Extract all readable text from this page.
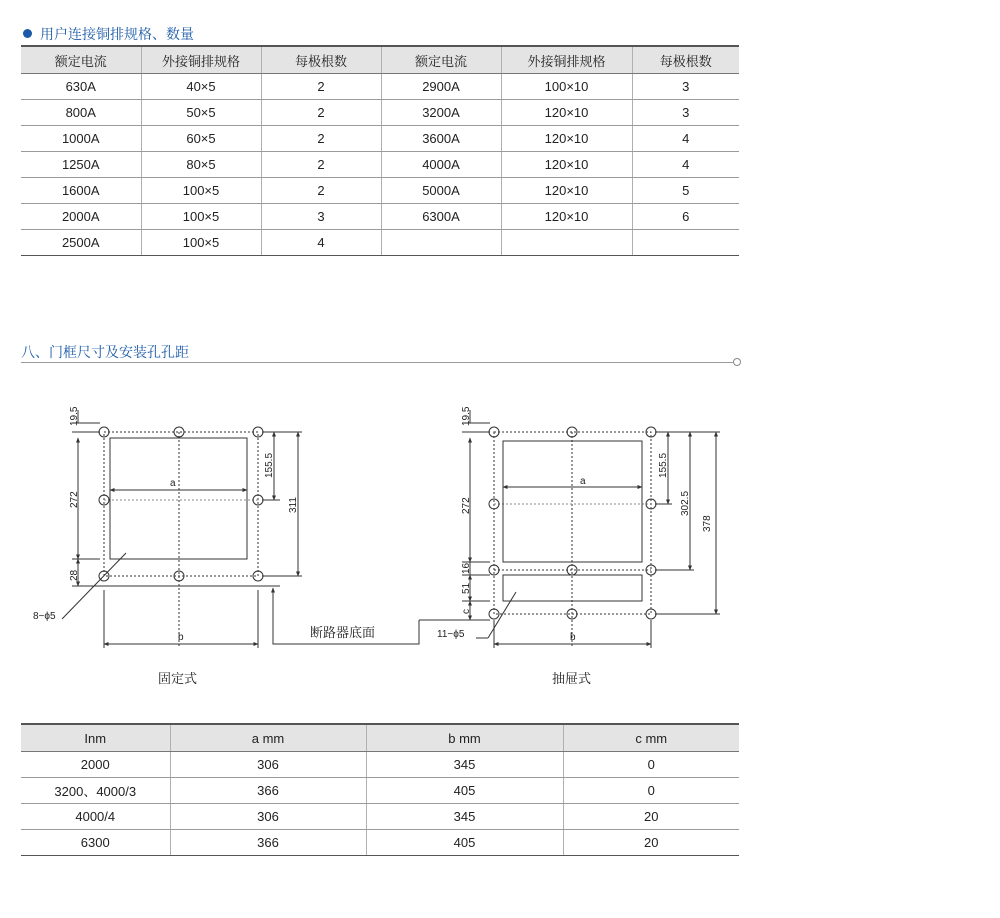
用户连接铜排规格、数量
额定电流	外接铜排规格	每极根数	额定电流	外接铜排规格	每极根数
630A	40×5	2	2900A	100×10	3
800A	50×5	2	3200A	120×10	3
1000A	60×5	2	3600A	120×10	4
1250A	80×5	2	4000A	120×10	4
1600A	100×5	2	5000A	120×10	5
2000A	100×5	3	6300A	120×10	6
2500A	100×5	4			
八、门框尺寸及安装孔孔距
19.5
272
28
155.5
311
a
b
8−ϕ5
断路器底面
固定式
19.5
272
16
51
c
155.5
302.5
378
a
b
11−ϕ5
抽屉式
Inm	a mm	b mm	c mm
2000	306	345	0
3200、4000/3	366	405	0
4000/4	306	345	20
6300	366	405	20
